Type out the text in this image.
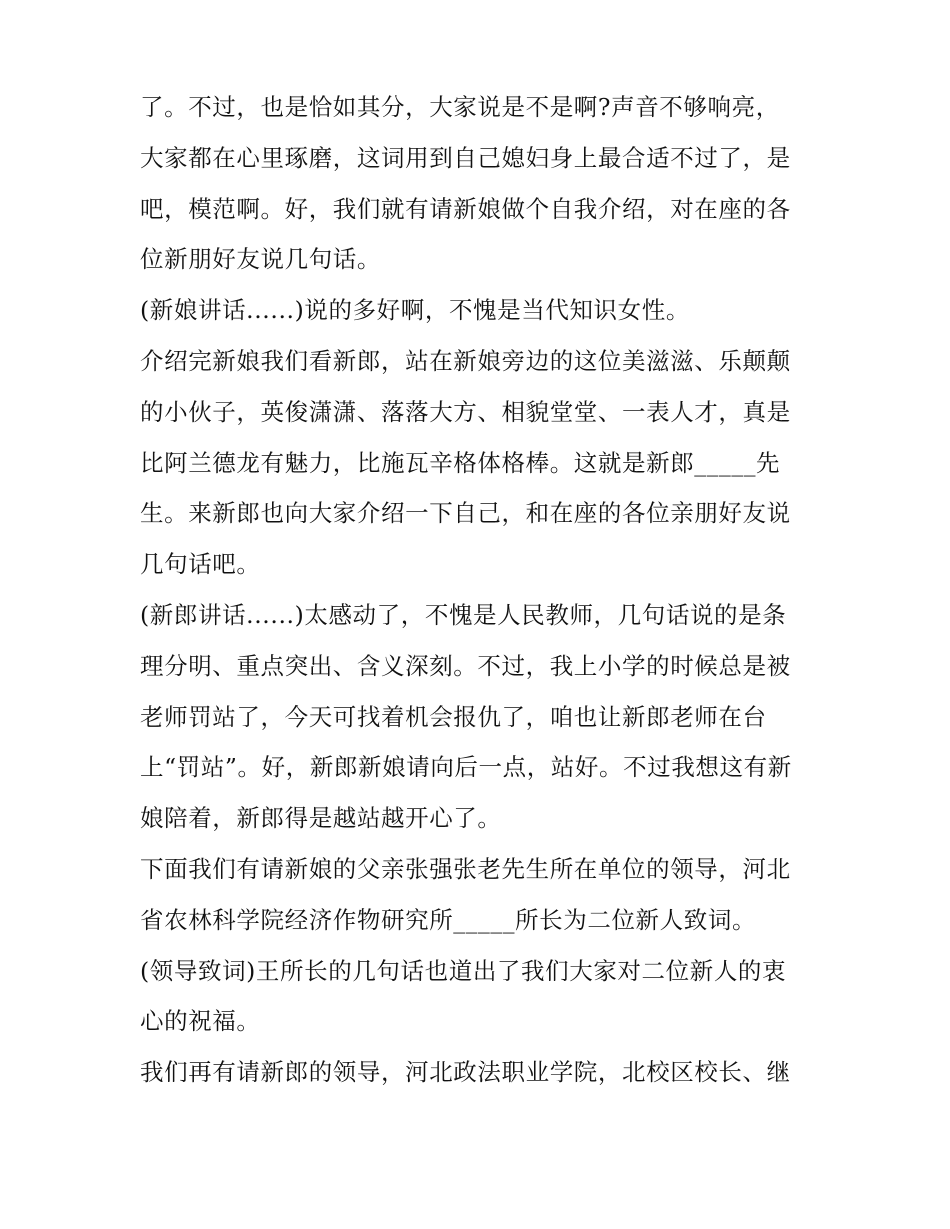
了。不过，也是恰如其分，大家说是不是啊?声音不够响亮，
大家都在心里琢磨，这词用到自己媳妇身上最合适不过了，是
吧，模范啊。好，我们就有请新娘做个自我介绍，对在座的各
位新朋好友说几句话。
(新娘讲话......)说的多好啊，不愧是当代知识女性。
介绍完新娘我们看新郎，站在新娘旁边的这位美滋滋、乐颠颠
的小伙子，英俊潇潇、落落大方、相貌堂堂、一表人才，真是
比阿兰德龙有魅力，比施瓦辛格体格棒。这就是新郎_____先
生。来新郎也向大家介绍一下自己，和在座的各位亲朋好友说
几句话吧。
(新郎讲话......)太感动了，不愧是人民教师，几句话说的是条
理分明、重点突出、含义深刻。不过，我上小学的时候总是被
老师罚站了，今天可找着机会报仇了，咱也让新郎老师在台
上“罚站”。好，新郎新娘请向后一点，站好。不过我想这有新
娘陪着，新郎得是越站越开心了。
下面我们有请新娘的父亲张强张老先生所在单位的领导，河北
省农林科学院经济作物研究所_____所长为二位新人致词。
(领导致词)王所长的几句话也道出了我们大家对二位新人的衷
心的祝福。
我们再有请新郎的领导，河北政法职业学院，北校区校长、继
